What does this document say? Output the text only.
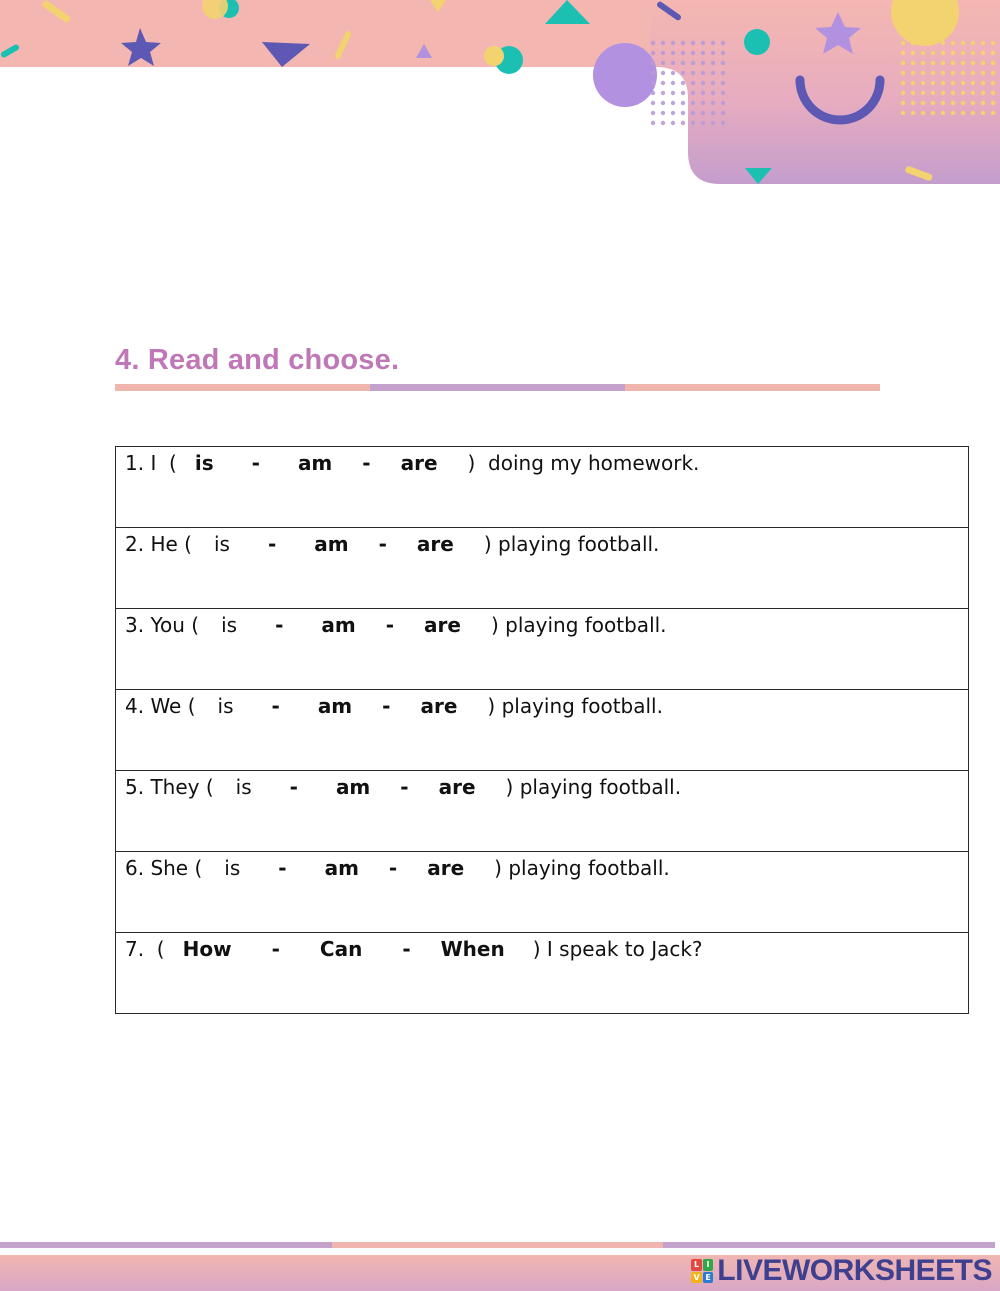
4. Read and choose.
1. I  ( is - am - are )  doing my homework.
2. He ( is - am - are ) playing football.
3. You ( is - am - are ) playing football.
4. We ( is - am - are ) playing football.
5. They ( is - am - are ) playing football.
6. She ( is - am - are ) playing football.
7.  ( How - Can - When ) I speak to Jack?
L I
V E LIVEWORKSHEETS
